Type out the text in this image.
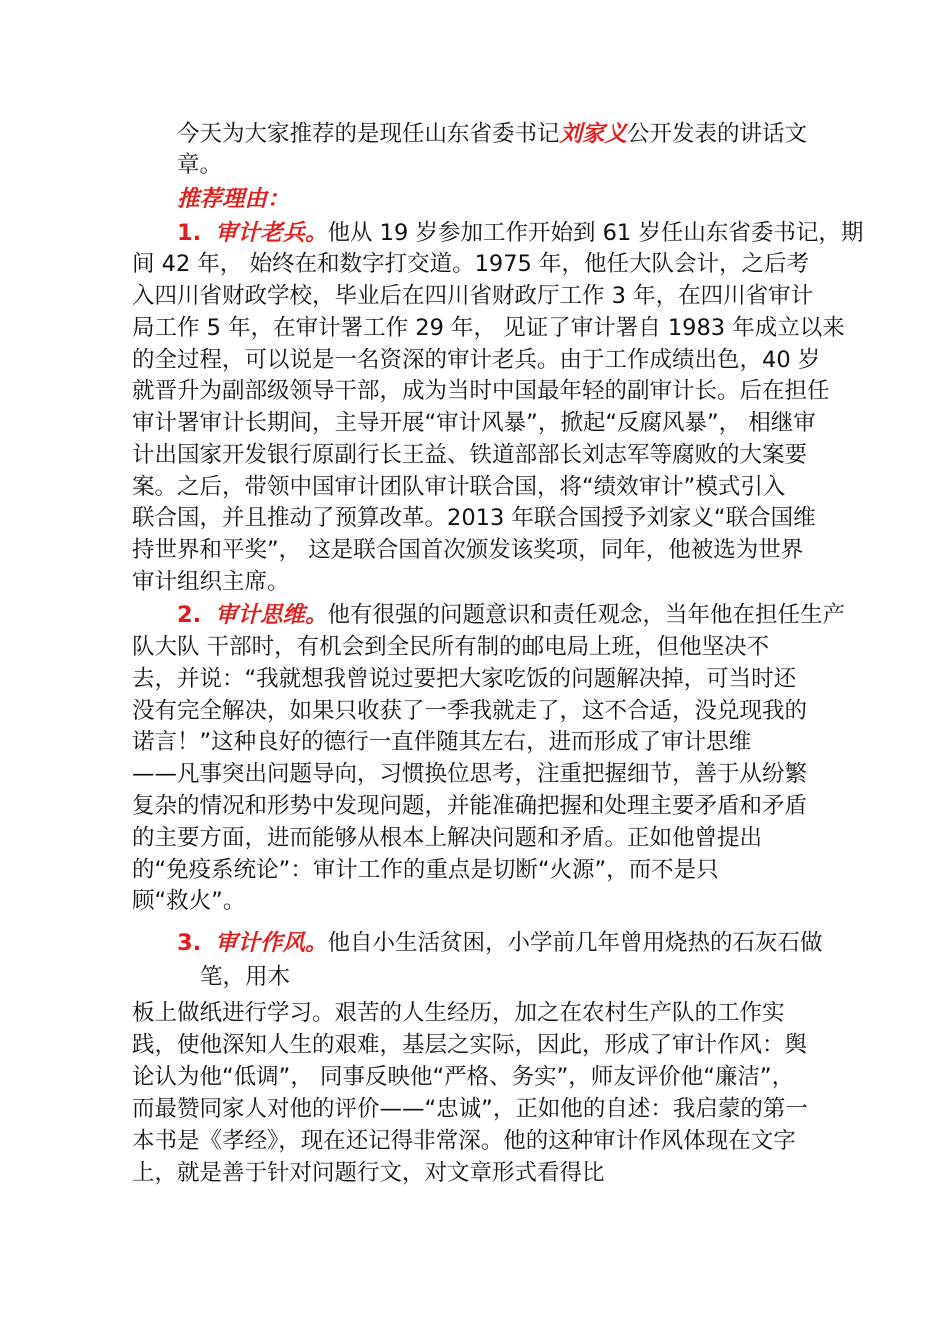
今天为大家推荐的是现任山东省委书记刘家义公开发表的讲话文
章。
推荐理由：
1. 审计老兵。他从 19 岁参加工作开始到 61 岁任山东省委书记，期
间 42 年， 始终在和数字打交道。1975 年，他任大队会计，之后考
入四川省财政学校，毕业后在四川省财政厅工作 3 年，在四川省审计
局工作 5 年，在审计署工作 29 年， 见证了审计署自 1983 年成立以来
的全过程，可以说是一名资深的审计老兵。由于工作成绩出色，40 岁
就晋升为副部级领导干部，成为当时中国最年轻的副审计长。后在担任
审计署审计长期间，主导开展“审计风暴”，掀起“反腐风暴”， 相继审
计出国家开发银行原副行长王益、铁道部部长刘志军等腐败的大案要
案。之后，带领中国审计团队审计联合国，将“绩效审计”模式引入
联合国，并且推动了预算改革。2013 年联合国授予刘家义“联合国维
持世界和平奖”， 这是联合国首次颁发该奖项，同年，他被选为世界
审计组织主席。
2. 审计思维。他有很强的问题意识和责任观念，当年他在担任生产
队大队 干部时，有机会到全民所有制的邮电局上班，但他坚决不
去，并说：“我就想我曾说过要把大家吃饭的问题解决掉，可当时还
没有完全解决，如果只收获了一季我就走了，这不合适，没兑现我的
诺言！”这种良好的德行一直伴随其左右，进而形成了审计思维
——凡事突出问题导向，习惯换位思考，注重把握细节，善于从纷繁
复杂的情况和形势中发现问题，并能准确把握和处理主要矛盾和矛盾
的主要方面，进而能够从根本上解决问题和矛盾。正如他曾提出
的“免疫系统论”：审计工作的重点是切断“火源”，而不是只
顾“救火”。
3. 审计作风。他自小生活贫困，小学前几年曾用烧热的石灰石做
笔，用木
板上做纸进行学习。艰苦的人生经历，加之在农村生产队的工作实
践，使他深知人生的艰难，基层之实际，因此，形成了审计作风：舆
论认为他“低调”， 同事反映他“严格、务实”，师友评价他“廉洁”，
而最赞同家人对他的评价——“忠诚”，正如他的自述：我启蒙的第一
本书是《孝经》，现在还记得非常深。他的这种审计作风体现在文字
上，就是善于针对问题行文，对文章形式看得比
